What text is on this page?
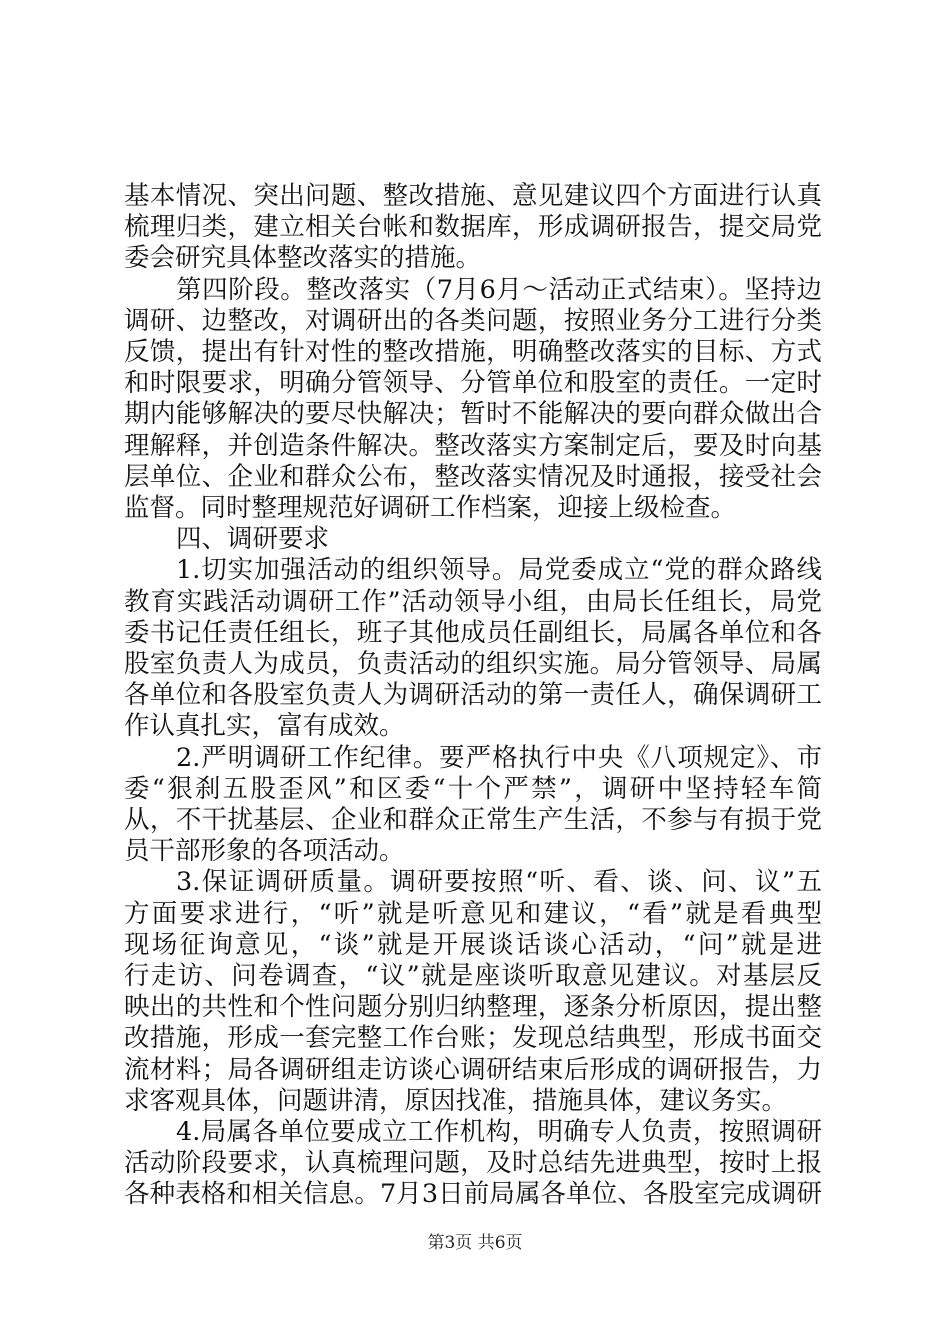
基本情况、突出问题、整改措施、意见建议四个方面进行认真
梳理归类，建立相关台帐和数据库，形成调研报告，提交局党
委会研究具体整改落实的措施。
第四阶段。整改落实（7月6月～活动正式结束）。坚持边
调研、边整改，对调研出的各类问题，按照业务分工进行分类
反馈，提出有针对性的整改措施，明确整改落实的目标、方式
和时限要求，明确分管领导、分管单位和股室的责任。一定时
期内能够解决的要尽快解决；暂时不能解决的要向群众做出合
理解释，并创造条件解决。整改落实方案制定后，要及时向基
层单位、企业和群众公布，整改落实情况及时通报，接受社会
监督。同时整理规范好调研工作档案，迎接上级检查。
四、调研要求
1.切实加强活动的组织领导。局党委成立“党的群众路线
教育实践活动调研工作”活动领导小组，由局长任组长，局党
委书记任责任组长，班子其他成员任副组长，局属各单位和各
股室负责人为成员，负责活动的组织实施。局分管领导、局属
各单位和各股室负责人为调研活动的第一责任人，确保调研工
作认真扎实，富有成效。
2.严明调研工作纪律。要严格执行中央《八项规定》、市
委“狠刹五股歪风”和区委“十个严禁”，调研中坚持轻车简
从，不干扰基层、企业和群众正常生产生活，不参与有损于党
员干部形象的各项活动。
3.保证调研质量。调研要按照“听、看、谈、问、议”五
方面要求进行，“听”就是听意见和建议，“看”就是看典型
现场征询意见，“谈”就是开展谈话谈心活动，“问”就是进
行走访、问卷调查，“议”就是座谈听取意见建议。对基层反
映出的共性和个性问题分别归纳整理，逐条分析原因，提出整
改措施，形成一套完整工作台账；发现总结典型，形成书面交
流材料；局各调研组走访谈心调研结束后形成的调研报告，力
求客观具体，问题讲清，原因找准，措施具体，建议务实。
4.局属各单位要成立工作机构，明确专人负责，按照调研
活动阶段要求，认真梳理问题，及时总结先进典型，按时上报
各种表格和相关信息。7月3日前局属各单位、各股室完成调研
第3页 共6页
